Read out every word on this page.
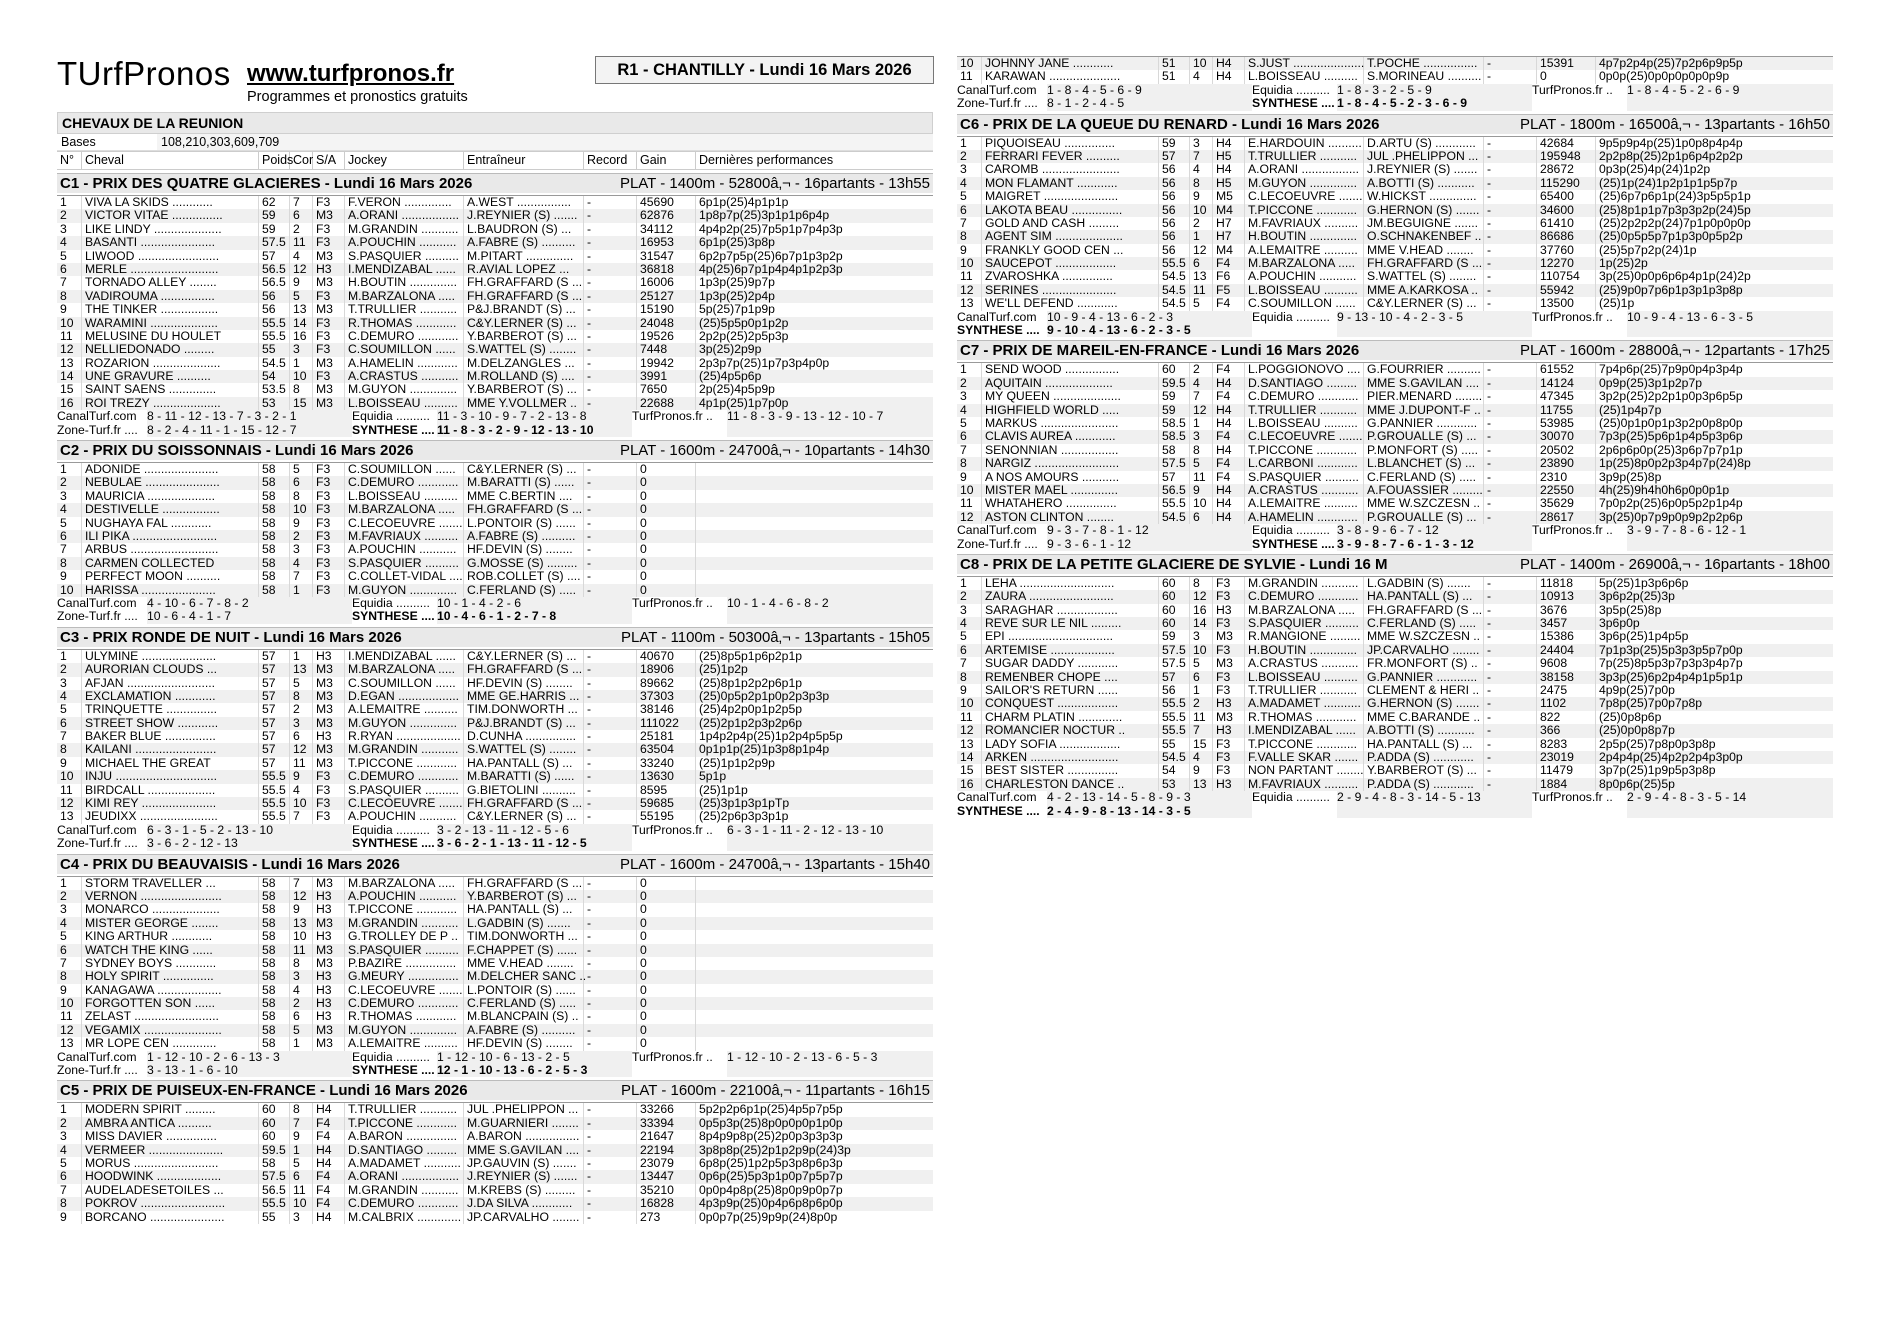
TUrfPronos www.turfpronos.fr
Programmes et pronostics gratuits
R1 - CHANTILLY - Lundi 16 Mars 2026
CHEVAUX DE LA REUNION
Bases	108,210,303,609,709
N° Cheval	Poids Cor S/A Jockey	Entraîneur	Record	Gain	Dernières performances
C1 - PRIX DES QUATRE GLACIERES - Lundi 16 Mars 2026	PLAT - 1400m - 52800â‚¬ - 16partants - 13h55
1	VIVA LA SKIDS ............	62	7	F3	F.VERON ..............	A.WEST ................	-	45690	6p1p(25)4p1p1p
2	VICTOR VITAE ...............	59	6	M3	A.ORANI ................. J.REYNIER (S) ....... -	62876	1p8p7p(25)3p1p1p6p4p
3	LIKE LINDY ....................	59	2	F3	M.GRANDIN ........... L.BAUDRON (S) ...	-	34112	4p4p2p(25)7p5p1p7p4p3p
4	BASANTI ......................	57.5 11 F3	A.POUCHIN ........... A.FABRE (S) .......... -	16953	6p1p(25)3p8p
5	LIWOOD ........................	57	4	M3	S.PASQUIER .......... M.PITART ..............	-	31547	6p2p7p5p(25)6p7p1p3p2p
6	MERLE ..........................	56.5 12 H3	I.MENDIZABAL ...... R.AVIAL LOPEZ ...	-	36818	4p(25)6p7p1p4p4p1p2p3p
7	TORNADO ALLEY ........	56.5 9	M3	H.BOUTIN .............. FH.GRAFFARD (S ... -	16006	1p3p(25)9p7p
8	VADIROUMA ................	56	5	F3	M.BARZALONA ..... FH.GRAFFARD (S ... -	25127	1p3p(25)2p4p
9	THE TINKER .................	56	13 M3	T.TRULLIER ........... P&J.BRANDT (S) ... -	15190	5p(25)7p1p9p
10 WARAMINI ....................	55.5 14 F3	R.THOMAS ............ C&Y.LERNER (S) ... -	24048	(25)5p5p0p1p2p
11	MELUSINE DU HOULET	55.5 16 F3	C.DEMURO ............ Y.BARBEROT (S) ... -	19526	2p2p(25)2p5p3p
12 NELLIEDONADO .........	55	3	F3	C.SOUMILLON ...... S.WATTEL (S) ........ -	7448	3p(25)2p9p
13 ROZARION ....................	54.5 1	M3	A.HAMELIN ............ M.DELZANGLES ...	-	19942	2p3p7p(25)1p7p3p4p0p
14 UNE GRAVURE ..........	54	10 F3	A.CRASTUS ........... M.ROLLAND (S) ....	-	3991	(25)4p5p6p
15 SAINT SAENS ..............	53.5 8	M3	M.GUYON .............. Y.BARBEROT (S) ... -	7650	2p(25)4p5p9p
16 ROI TREZY ....................	53	15 M3	L.BOISSEAU .......... MME Y.VOLLMER .. -	22688	4p1p(25)1p7p0p
CanalTurf.com 8 - 11 - 12 - 13 - 7 - 3 - 2 - 1	Equidia .......... 11 - 3 - 10 - 9 - 7 - 2 - 13 - 8	TurfPronos.fr ..	11 - 8 - 3 - 9 - 13 - 12 - 10 - 7
Zone-Turf.fr .... 8 - 2 - 4 - 11 - 1 - 15 - 12 - 7	SYNTHESE .... 11 - 8 - 3 - 2 - 9 - 12 - 13 - 10
C2 - PRIX DU SOISSONNAIS - Lundi 16 Mars 2026	PLAT - 1600m - 24700â‚¬ - 10partants - 14h30
1	ADONIDE ......................	58	5	F3	C.SOUMILLON ...... C&Y.LERNER (S) ... -	0
2	NEBULAE ......................	58	6	F3	C.DEMURO ............ M.BARATTI (S) ......	-	0
3	MAURICIA ....................	58	8	F3	L.BOISSEAU .......... MME C.BERTIN ....	-	0
4	DESTIVELLE .................	58	10 F3	M.BARZALONA ..... FH.GRAFFARD (S ... -	0
5	NUGHAYA FAL ............	58	9	F3	C.LECOEUVRE ....... L.PONTOIR (S) ...... -	0
6	ILI PIKA .........................	58	2	F3	M.FAVRIAUX .......... A.FABRE (S) .......... -	0
7	ARBUS ..........................	58	3	F3	A.POUCHIN ........... HF.DEVIN (S) ........	-	0
8	CARMEN COLLECTED	58	4	F3	S.PASQUIER .......... G.MOSSE (S) ......... -	0
9	PERFECT MOON ..........	58	7	F3	C.COLLET-VIDAL .... ROB.COLLET (S) .... -	0
10 HARISSA ......................	58	1	F3	M.GUYON .............. C.FERLAND (S) ..... -	0
CanalTurf.com 4 - 10 - 6 - 7 - 8 - 2	Equidia .......... 10 - 1 - 4 - 2 - 6	TurfPronos.fr ..	10 - 1 - 4 - 6 - 8 - 2
Zone-Turf.fr .... 10 - 6 - 4 - 1 - 7	SYNTHESE .... 10 - 4 - 6 - 1 - 2 - 7 - 8
C3 - PRIX RONDE DE NUIT - Lundi 16 Mars 2026	PLAT - 1100m - 50300â‚¬ - 13partants - 15h05
1	ULYMINE ......................	57	1	H3	I.MENDIZABAL ...... C&Y.LERNER (S) ... -	40670	(25)8p5p1p6p2p1p
2	AURORIAN CLOUDS ...	57	13 M3	M.BARZALONA ..... FH.GRAFFARD (S ... -	18906	(25)1p2p
3	AFJAN ..........................	57	5	M3	C.SOUMILLON ...... HF.DEVIN (S) ........	-	89662	(25)8p1p2p2p6p1p
4	EXCLAMATION ............	57	8	M3	D.EGAN .................. MME GE.HARRIS ... -	37303	(25)0p5p2p1p0p2p3p3p
5	TRINQUETTE ...............	57	2	M3	A.LEMAITRE .......... TIM.DONWORTH ... -	38146	(25)4p2p0p1p2p5p
6	STREET SHOW ............	57	3	M3	M.GUYON .............. P&J.BRANDT (S) ... -	111022	(25)2p1p2p3p2p6p
7	BAKER BLUE ...............	57	6	H3	R.RYAN ................... D.CUNHA ............... -	25181	1p4p2p4p(25)1p2p4p5p5p
8	KAILANI ........................	57	12 M3	M.GRANDIN ........... S.WATTEL (S) ........ -	63504	0p1p1p(25)1p3p8p1p4p
9	MICHAEL THE GREAT	57	11 M3	T.PICCONE ............ HA.PANTALL (S) ...	-	33240	(25)1p1p2p9p
10 INJU ..............................	55.5 9	F3	C.DEMURO ............ M.BARATTI (S) ......	-	13630	5p1p
11	BIRDCALL ....................	55.5 4	F3	S.PASQUIER .......... G.BIETOLINI .......... -	8595	(25)1p1p
12 KIMI REY ......................	55.5 10 F3	C.LECOEUVRE ....... FH.GRAFFARD (S ... -	59685	(25)3p1p3p1pTp
13 JEUDIXX .......................	55.5 7	F3	A.POUCHIN ........... C&Y.LERNER (S) ... -	55195	(25)2p6p3p3p1p
CanalTurf.com 6 - 3 - 1 - 5 - 2 - 13 - 10	Equidia .......... 3 - 2 - 13 - 11 - 12 - 5 - 6	TurfPronos.fr ..	6 - 3 - 1 - 11 - 2 - 12 - 13 - 10
Zone-Turf.fr .... 3 - 6 - 2 - 12 - 13	SYNTHESE .... 3 - 6 - 2 - 1 - 13 - 11 - 12 - 5
C4 - PRIX DU BEAUVAISIS - Lundi 16 Mars 2026	PLAT - 1600m - 24700â‚¬ - 13partants - 15h40
1	STORM TRAVELLER ...	58	7	M3	M.BARZALONA ..... FH.GRAFFARD (S ... -	0
2	VERNON ........................	58	12 H3	A.POUCHIN ........... Y.BARBEROT (S) ... -	0
3	MONARCO ....................	58	9	H3	T.PICCONE ............ HA.PANTALL (S) ...	-	0
4	MISTER GEORGE ........	58	13 M3	M.GRANDIN ........... L.GADBIN (S) .......	-	0
5	KING ARTHUR ............	58	10 H3	G.TROLLEY DE P .. TIM.DONWORTH ... -	0
6	WATCH THE KING ......	58	11 M3	S.PASQUIER .......... F.CHAPPET (S) ...... -	0
7	SYDNEY BOYS ............	58	8	M3	P.BAZIRE ............... MME V.HEAD ........	-	0
8	HOLY SPIRIT ...............	58	3	H3	G.MEURY ............... M.DELCHER SANC .. -	0
9	KANAGAWA ...................	58	4	H3	C.LECOEUVRE ....... L.PONTOIR (S) ...... -	0
10 FORGOTTEN SON ......	58	2	H3	C.DEMURO ............ C.FERLAND (S) ..... -	0
11	ZELAST .........................	58	6	H3	R.THOMAS ............ M.BLANCPAIN (S) .. -	0
12 VEGAMIX .......................	58	5	M3	M.GUYON .............. A.FABRE (S) .......... -	0
13 MR LOPE CEN .............	58	1	M3	A.LEMAITRE .......... HF.DEVIN (S) ........	-	0
CanalTurf.com 1 - 12 - 10 - 2 - 6 - 13 - 3	Equidia .......... 1 - 12 - 10 - 6 - 13 - 2 - 5	TurfPronos.fr ..	1 - 12 - 10 - 2 - 13 - 6 - 5 - 3
Zone-Turf.fr .... 3 - 13 - 1 - 6 - 10	SYNTHESE .... 12 - 1 - 10 - 13 - 6 - 2 - 5 - 3
C5 - PRIX DE PUISEUX-EN-FRANCE - Lundi 16 Mars 2026	PLAT - 1600m - 22100â‚¬ - 11partants - 16h15
1	MODERN SPIRIT .........	60	8	H4	T.TRULLIER ........... JUL .PHELIPPON ... -	33266	5p2p2p6p1p(25)4p5p7p5p
2	AMBRA ANTICA ..........	60	7	F4	T.PICCONE ............ M.GUARNIERI ........ -	33394	0p5p3p(25)8p0p0p0p1p0p
3	MISS DAVIER ...............	60	9	F4	A.BARON ............... A.BARON ................ -	21647	8p4p9p8p(25)2p0p3p3p3p
4	VERMEER ......................	59.5 1	H4	D.SANTIAGO ......... MME S.GAVILAN .... -	22194	3p8p8p(25)2p1p2p9p(24)3p
5	MORUS .........................	58	5	H4	A.MADAMET ........... JP.GAUVIN (S) ....... -	23079	6p8p(25)1p2p5p3p8p6p3p
6	HOODWINK ...................	57.5 6	F4	A.ORANI ................. J.REYNIER (S) ....... -	13447	0p6p(25)5p3p1p0p7p5p7p
7	AUDELADESETOILES ...	56.5 11 F4	M.GRANDIN ........... M.KREBS (S) ......... -	35210	0p0p4p8p(25)8p0p9p0p7p
8	POKROV .........................	55.5 10 F4	C.DEMURO ............ J.DA SILVA ............	-	16828	4p3p9p(25)0p4p6p8p6p0p
9	BORCANO ......................	55	3	H4	M.CALBRIX ............. JP.CARVALHO ........ -	273	0p0p7p(25)9p9p(24)8p0p
10 JOHNNY JANE ............	51	10 H4	S.JUST ..................... T.POCHE ................ -	15391	4p7p2p4p(25)7p2p6p9p5p
11	KARAWAN .....................	51	4	H4	L.BOISSEAU .......... S.MORINEAU .......... -	0	0p0p(25)0p0p0p0p0p9p
CanalTurf.com 1 - 8 - 4 - 5 - 6 - 9	Equidia .......... 1 - 8 - 3 - 2 - 5 - 9	TurfPronos.fr ..	1 - 8 - 4 - 5 - 2 - 6 - 9
Zone-Turf.fr .... 8 - 1 - 2 - 4 - 5	SYNTHESE .... 1 - 8 - 4 - 5 - 2 - 3 - 6 - 9
C6 - PRIX DE LA QUEUE DU RENARD - Lundi 16 Mars 2026	PLAT - 1800m - 16500â‚¬ - 13partants - 16h50
1	PIQUOISEAU ...............	59	3	H4	E.HARDOUIN .......... D.ARTU (S) ............ -	42684	9p5p9p4p(25)1p0p8p4p4p
2	FERRARI FEVER ..........	57	7	H5	T.TRULLIER ........... JUL .PHELIPPON ... -	195948	2p2p8p(25)2p1p6p4p2p2p
3	CAROMB .......................	56	4	H4	A.ORANI ................. J.REYNIER (S) ....... -	28672	0p3p(25)4p(24)1p2p
4	MON FLAMANT ............	56	8	H5	M.GUYON .............. A.BOTTI (S) ...........	-	115290	(25)1p(24)1p2p1p1p5p7p
5	MAIGRET ......................	56	9	M5	C.LECOEUVRE ....... W.HICKST .............. -	65400	(25)6p7p6p1p(24)3p5p5p1p
6	LAKOTA BEAU ...............	56	10 M4	T.PICCONE ............ G.HERNON (S) ....... -	34600	(25)8p1p1p7p3p3p2p(24)5p
7	GOLD AND CASH .........	56	2	H7	M.FAVRIAUX .......... JM.BEGUIGNE ....... -	61410	(25)2p2p2p(24)7p1p0p0p0p
8	AGENT SIM ....................	56	1	H7	H.BOUTIN .............. O.SCHNAKENBEF .. -	86686	(25)0p5p5p7p1p3p0p5p2p
9	FRANKLY GOOD CEN ...	56	12 M4	A.LEMAITRE .......... MME V.HEAD ........	-	37760	(25)5p7p2p(24)1p
10 SAUCEPOT ..................	55.5 6	F4	M.BARZALONA ..... FH.GRAFFARD (S ... -	12270	1p(25)2p
11	ZVAROSHKA ...............	54.5 13 F6	A.POUCHIN ........... S.WATTEL (S) ........ -	110754	3p(25)0p0p6p6p4p1p(24)2p
12 SERINES ......................	54.5 11 F5	L.BOISSEAU .......... MME A.KARKOSA .. -	55942	(25)9p0p7p6p1p3p1p3p8p
13 WE'LL DEFEND ............	54.5 5	F4	C.SOUMILLON ...... C&Y.LERNER (S) ... -	13500	(25)1p
CanalTurf.com 10 - 9 - 4 - 13 - 6 - 2 - 3	Equidia .......... 9 - 13 - 10 - 4 - 2 - 3 - 5	TurfPronos.fr ..	10 - 9 - 4 - 13 - 6 - 3 - 5
SYNTHESE .... 9 - 10 - 4 - 13 - 6 - 2 - 3 - 5
C7 - PRIX DE MAREIL-EN-FRANCE - Lundi 16 Mars 2026	PLAT - 1600m - 28800â‚¬ - 12partants - 17h25
1	SEND WOOD ................	60	2	F4	L.POGGIONOVO .... G.FOURRIER .......... -	61552	7p4p6p(25)7p9p0p4p3p4p
2	AQUITAIN ....................	59.5 4	H4	D.SANTIAGO ......... MME S.GAVILAN .... -	14124	0p9p(25)3p1p2p7p
3	MY QUEEN ....................	59	7	F4	C.DEMURO ............ PIER.MENARD ........ -	47345	3p2p(25)2p2p1p0p3p6p5p
4	HIGHFIELD WORLD .....	59	12 H4	T.TRULLIER ........... MME J.DUPONT-F .. -	11755	(25)1p4p7p
5	MARKUS .......................	58.5 1	H4	L.BOISSEAU .......... G.PANNIER ............ -	53985	(25)0p1p0p1p3p2p0p8p0p
6	CLAVIS AUREA ............	58.5 3	F4	C.LECOEUVRE ....... P.GROUALLE (S) ... -	30070	7p3p(25)5p6p1p4p5p3p6p
7	SENONNIAN .................	58	8	H4	T.PICCONE ............ P.MONFORT (S) ..... -	20502	2p6p6p0p(25)3p6p7p7p1p
8	NARGIZ .........................	57.5 5	F4	L.CARBONI ............ L.BLANCHET (S) ... -	23890	1p(25)8p0p2p3p4p7p(24)8p
9	A NOS AMOURS ...........	57	11 F4	S.PASQUIER .......... C.FERLAND (S) ..... -	2310	3p9p(25)8p
10 MISTER MAEL ..............	56.5 9	H4	A.CRASTUS ........... A.FOUASSIER ......... -	22550	4h(25)9h4h0h6p0p0p1p
11	WHATAHERO ...............	55.5 10 H4	A.LEMAITRE .......... MME W.SZCZESN .. -	35629	7p0p2p(25)6p0p5p2p1p4p
12 ASTON CLINTON ........	54.5 6	H4	A.HAMELIN ............ P.GROUALLE (S) ... -	28617	3p(25)0p7p9p0p9p2p2p6p
CanalTurf.com 9 - 3 - 7 - 8 - 1 - 12	Equidia .......... 3 - 8 - 9 - 6 - 7 - 12	TurfPronos.fr ..	3 - 9 - 7 - 8 - 6 - 12 - 1
Zone-Turf.fr .... 9 - 3 - 6 - 1 - 12	SYNTHESE .... 3 - 9 - 8 - 7 - 6 - 1 - 3 - 12
C8 - PRIX DE LA PETITE GLACIERE DE SYLVIE - Lundi 16 M	PLAT - 1400m - 26900â‚¬ - 16partants - 18h00
1	LEHA ............................	60	8	F3	M.GRANDIN ........... L.GADBIN (S) .......	-	11818	5p(25)1p3p6p6p
2	ZAURA .........................	60	12 F3	C.DEMURO ............ HA.PANTALL (S) ...	-	10913	3p6p2p(25)3p
3	SARAGHAR ..................	60	16 H3	M.BARZALONA ..... FH.GRAFFARD (S ... -	3676	3p5p(25)8p
4	REVE SUR LE NIL .........	60	14 F3	S.PASQUIER .......... C.FERLAND (S) ..... -	3457	3p6p0p
5	EPI ...............................	59	3	M3	R.MANGIONE ......... MME W.SZCZESN .. -	15386	3p6p(25)1p4p5p
6	ARTEMISE ...................	57.5 10 F3	H.BOUTIN .............. JP.CARVALHO ........ -	24404	7p1p3p(25)5p3p3p5p7p0p
7	SUGAR DADDY ............	57.5 5	M3	A.CRASTUS ........... FR.MONFORT (S) .. -	9608	7p(25)8p5p3p7p3p3p4p7p
8	REMENBER CHOPE ....	57	6	F3	L.BOISSEAU .......... G.PANNIER ............ -	38158	3p3p(25)6p2p4p4p1p5p1p
9	SAILOR'S RETURN ......	56	1	F3	T.TRULLIER ........... CLEMENT & HERI .. -	2475	4p9p(25)7p0p
10 CONQUEST ..................	55.5 2	H3	A.MADAMET ........... G.HERNON (S) ....... -	1102	7p8p(25)7p0p7p8p
11	CHARM PLATIN .............	55.5 11 M3	R.THOMAS ............ MME C.BARANDE .. -	822	(25)0p8p6p
12 ROMANCIER NOCTUR ..	55.5 7	H3	I.MENDIZABAL ...... A.BOTTI (S) ...........	-	366	(25)0p0p8p7p
13 LADY SOFIA ..................	55	15 F3	T.PICCONE ............ HA.PANTALL (S) ...	-	8283	2p5p(25)7p8p0p3p8p
14 ARKEN ..........................	54.5 4	F3	F.VALLE SKAR ....... P.ADDA (S) ............	-	23019	2p4p4p(25)4p2p2p4p3p0p
15 BEST SISTER ...............	54	9	F3	NON PARTANT ........ Y.BARBEROT (S) ... -	11479	3p7p(25)1p9p5p3p8p
16 CHARLESTON DANCE ..	53	13 H3	M.FAVRIAUX .......... P.ADDA (S) ............	-	1884	8p0p6p(25)5p
CanalTurf.com 4 - 2 - 13 - 14 - 5 - 8 - 9 - 3	Equidia .......... 2 - 9 - 4 - 8 - 3 - 14 - 5 - 13	TurfPronos.fr ..	2 - 9 - 4 - 8 - 3 - 5 - 14
SYNTHESE .... 2 - 4 - 9 - 8 - 13 - 14 - 3 - 5
